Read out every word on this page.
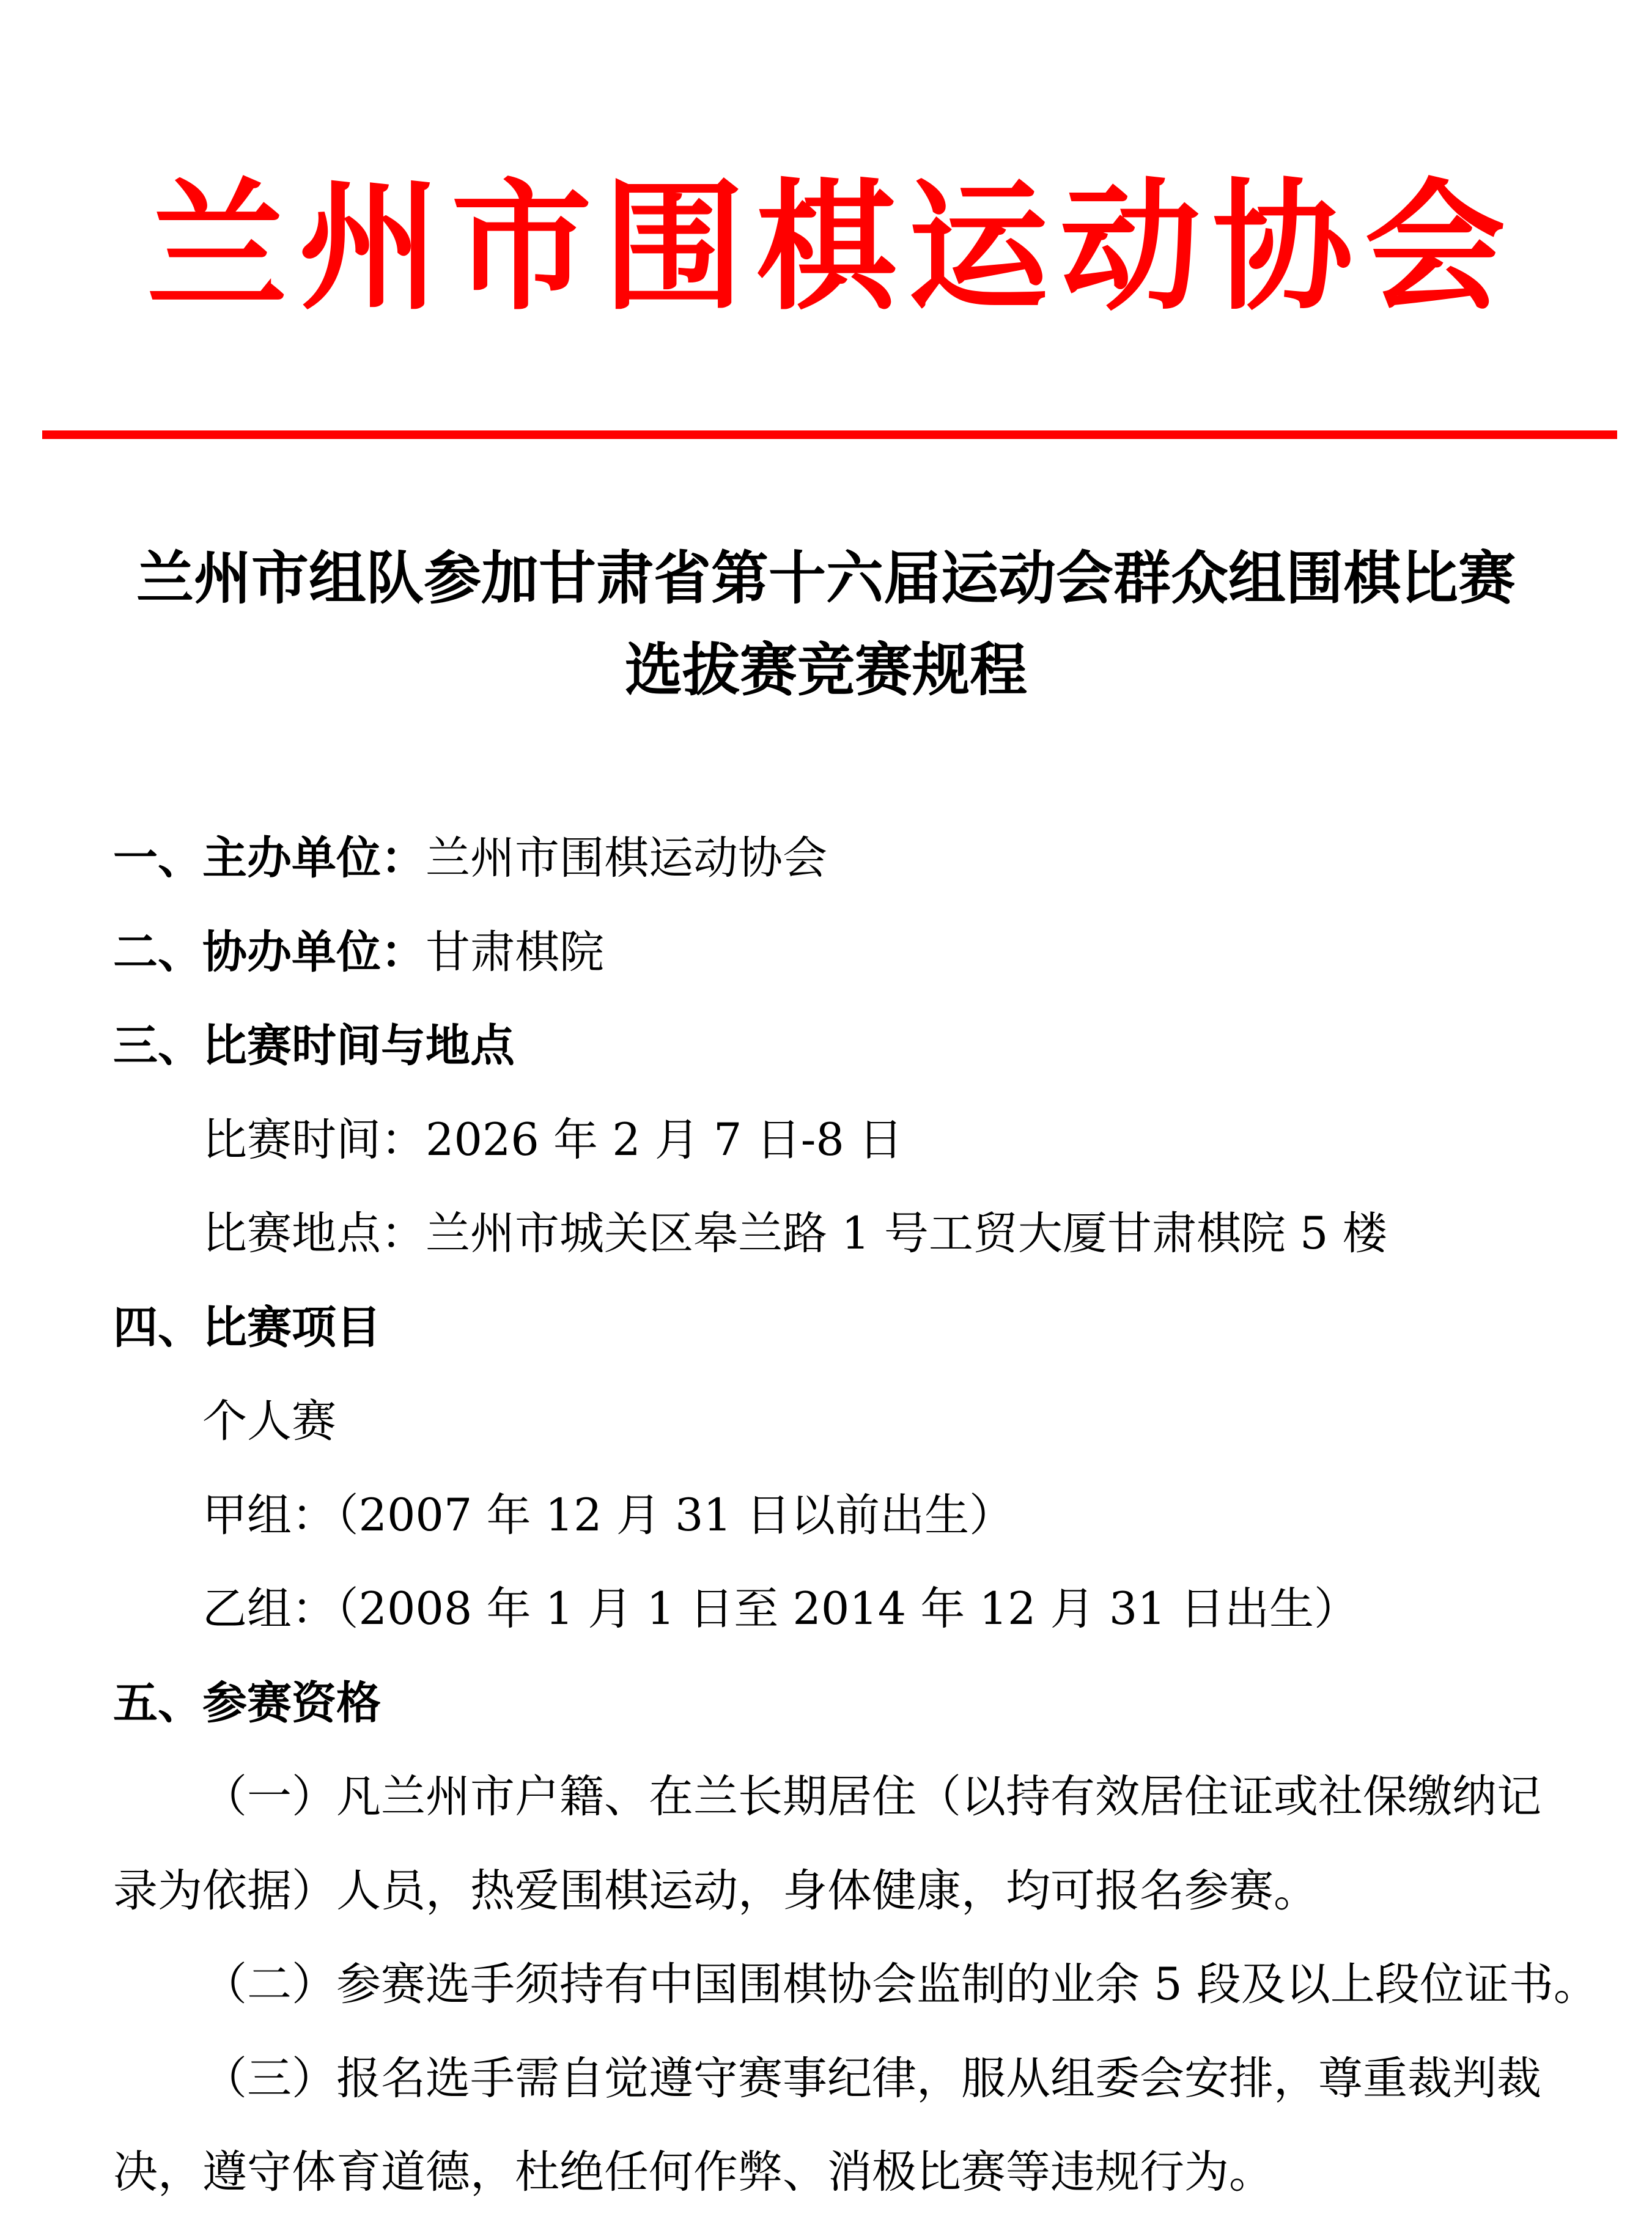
兰州市围棋运动协会
兰州市组队参加甘肃省第十六届运动会群众组围棋比赛
选拔赛竞赛规程
一、主办单位：兰州市围棋运动协会
二、协办单位：甘肃棋院
三、比赛时间与地点
比赛时间：2026 年 2 月 7 日-8 日
比赛地点：兰州市城关区皋兰路 1 号工贸大厦甘肃棋院 5 楼
四、比赛项目
个人赛
甲组：（2007 年 12 月 31 日以前出生）
乙组：（2008 年 1 月 1 日至 2014 年 12 月 31 日出生）
五、参赛资格
（一）凡兰州市户籍、在兰长期居住（以持有效居住证或社保缴纳记
录为依据）人员，热爱围棋运动，身体健康，均可报名参赛。
（二）参赛选手须持有中国围棋协会监制的业余 5 段及以上段位证书。
（三）报名选手需自觉遵守赛事纪律，服从组委会安排，尊重裁判裁
决，遵守体育道德，杜绝任何作弊、消极比赛等违规行为。
